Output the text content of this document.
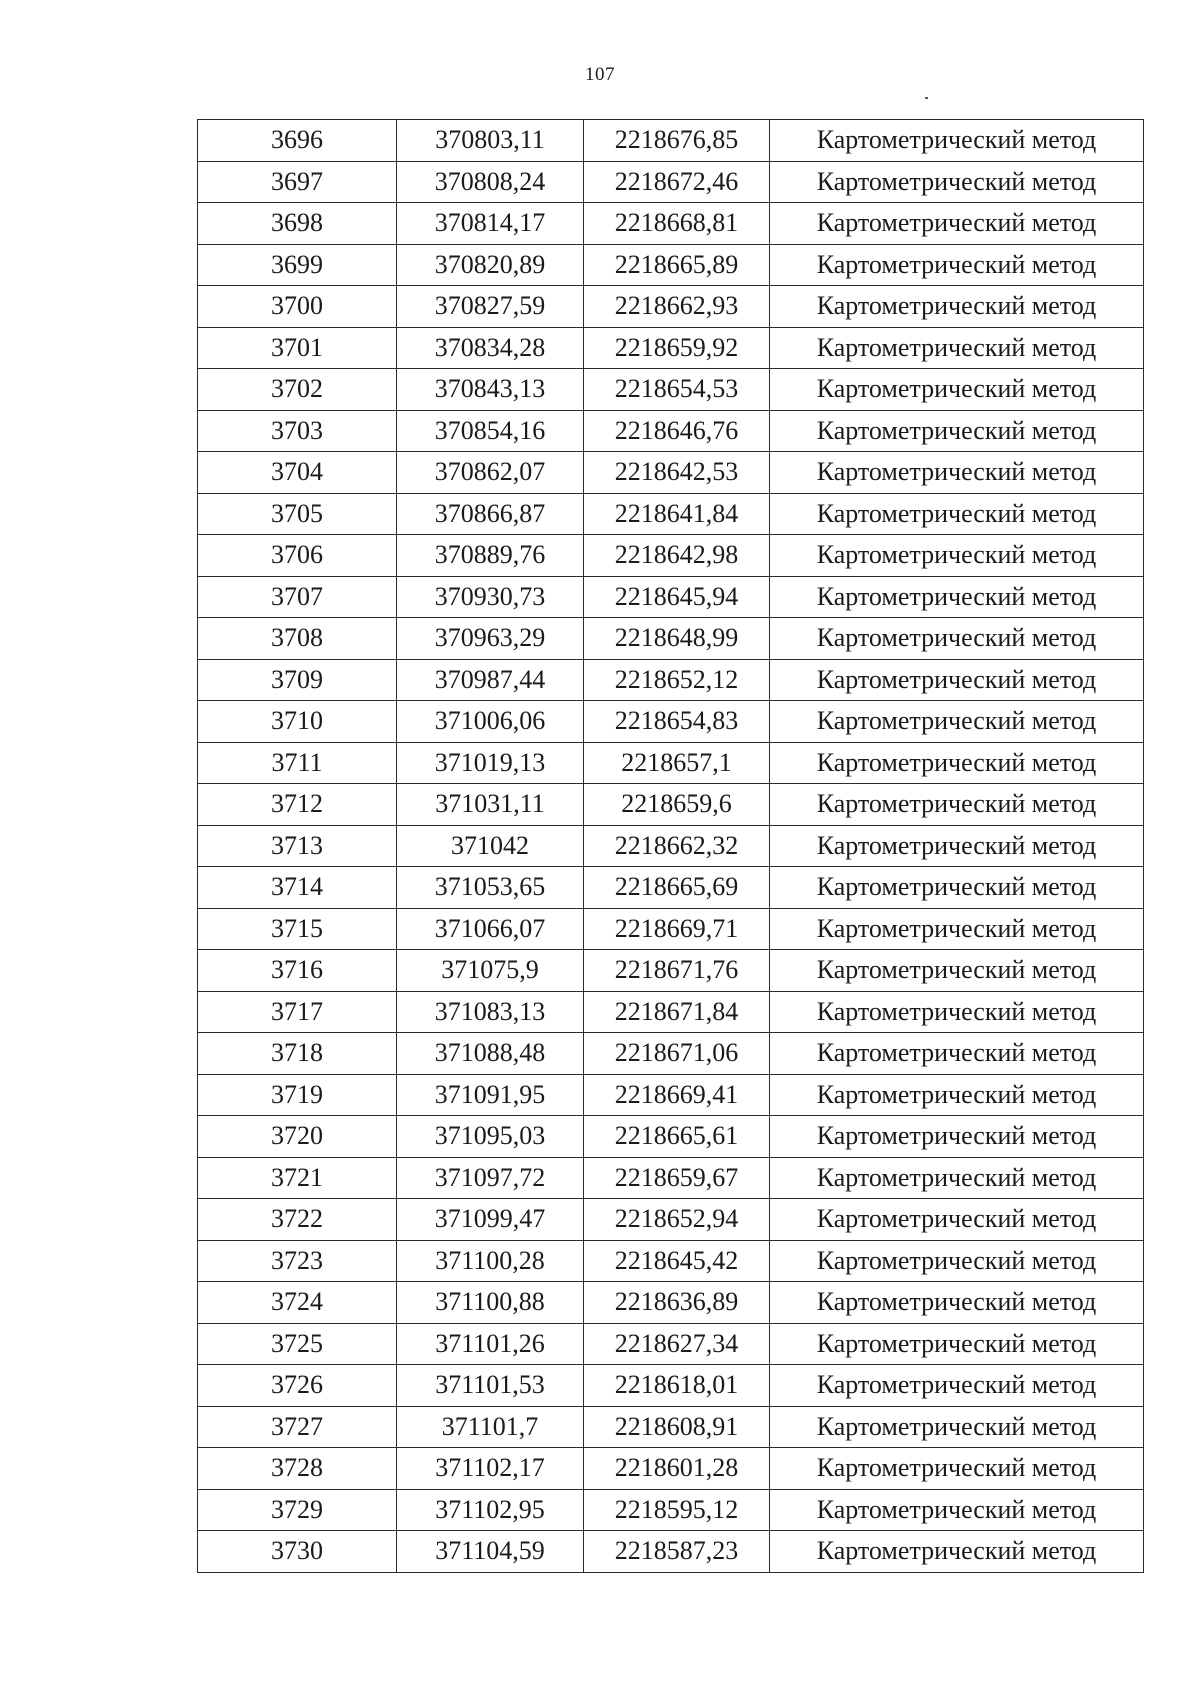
107
3696	370803,11	2218676,85	Картометрический метод
3697	370808,24	2218672,46	Картометрический метод
3698	370814,17	2218668,81	Картометрический метод
3699	370820,89	2218665,89	Картометрический метод
3700	370827,59	2218662,93	Картометрический метод
3701	370834,28	2218659,92	Картометрический метод
3702	370843,13	2218654,53	Картометрический метод
3703	370854,16	2218646,76	Картометрический метод
3704	370862,07	2218642,53	Картометрический метод
3705	370866,87	2218641,84	Картометрический метод
3706	370889,76	2218642,98	Картометрический метод
3707	370930,73	2218645,94	Картометрический метод
3708	370963,29	2218648,99	Картометрический метод
3709	370987,44	2218652,12	Картометрический метод
3710	371006,06	2218654,83	Картометрический метод
3711	371019,13	2218657,1	Картометрический метод
3712	371031,11	2218659,6	Картометрический метод
3713	371042	2218662,32	Картометрический метод
3714	371053,65	2218665,69	Картометрический метод
3715	371066,07	2218669,71	Картометрический метод
3716	371075,9	2218671,76	Картометрический метод
3717	371083,13	2218671,84	Картометрический метод
3718	371088,48	2218671,06	Картометрический метод
3719	371091,95	2218669,41	Картометрический метод
3720	371095,03	2218665,61	Картометрический метод
3721	371097,72	2218659,67	Картометрический метод
3722	371099,47	2218652,94	Картометрический метод
3723	371100,28	2218645,42	Картометрический метод
3724	371100,88	2218636,89	Картометрический метод
3725	371101,26	2218627,34	Картометрический метод
3726	371101,53	2218618,01	Картометрический метод
3727	371101,7	2218608,91	Картометрический метод
3728	371102,17	2218601,28	Картометрический метод
3729	371102,95	2218595,12	Картометрический метод
3730	371104,59	2218587,23	Картометрический метод
